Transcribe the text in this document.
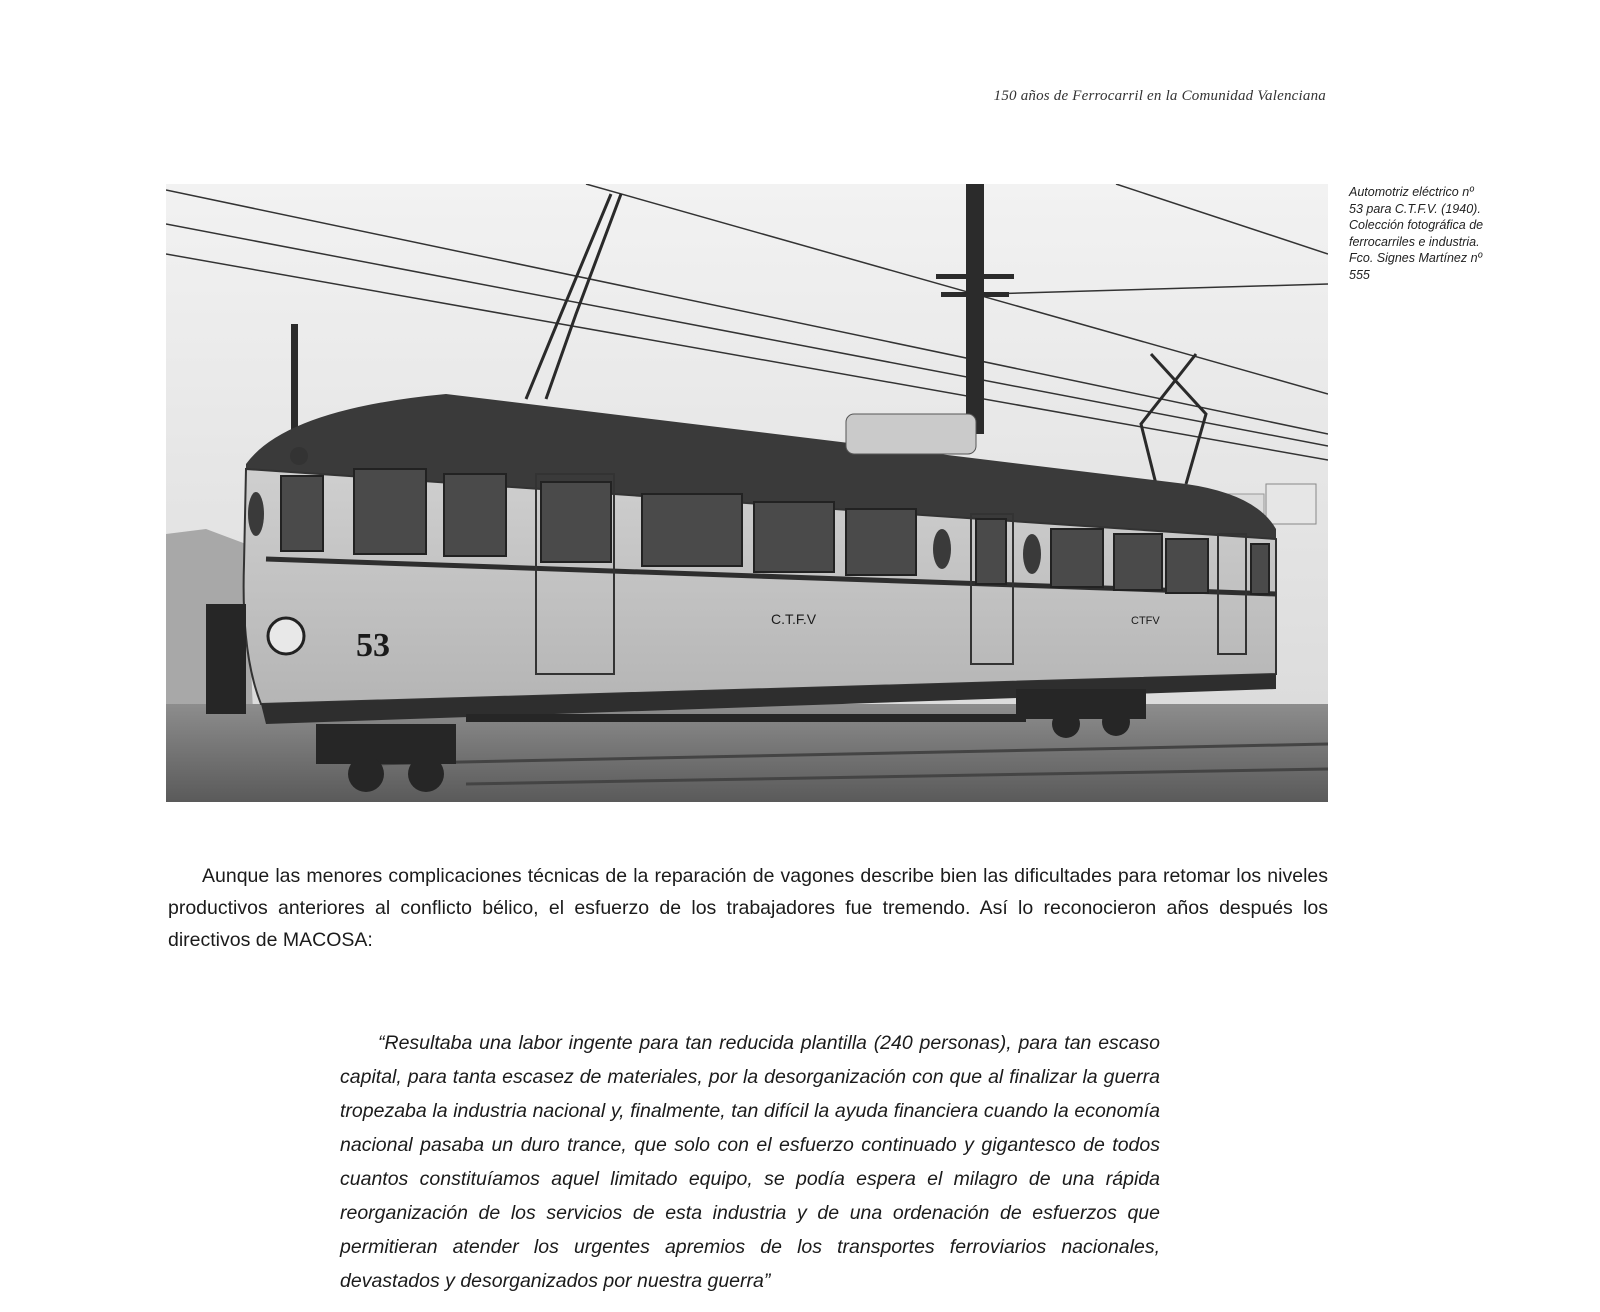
150 años de Ferrocarril en la Comunidad Valenciana
53
C.T.F.V	CTFV
Automotriz eléctrico nº 53 para C.T.F.V. (1940). Colección fotográfica de ferrocarriles e industria. Fco. Signes Martínez nº 555

Aunque las menores complicaciones técnicas de la reparación de vagones describe bien las dificultades para retomar los niveles productivos anteriores al conflicto bélico, el esfuerzo de los trabajadores fue tremendo. Así lo reconocieron años después los directivos de MACOSA:

“Resultaba una labor ingente para tan reducida plantilla (240 personas), para tan escaso capital, para tanta escasez de materiales, por la desorganización con que al finalizar la guerra tropezaba la industria nacional y, finalmente, tan difícil la ayuda financiera cuando la economía nacional pasaba un duro trance, que solo con el esfuerzo continuado y gigantesco de todos cuantos constituíamos aquel limitado equipo, se podía espera el milagro de una rápida reorganización de los servicios de esta industria y de una ordenación de esfuerzos que permitieran atender los urgentes apremios de los transportes ferroviarios nacionales, devastados y desorganizados por nuestra guerra”
